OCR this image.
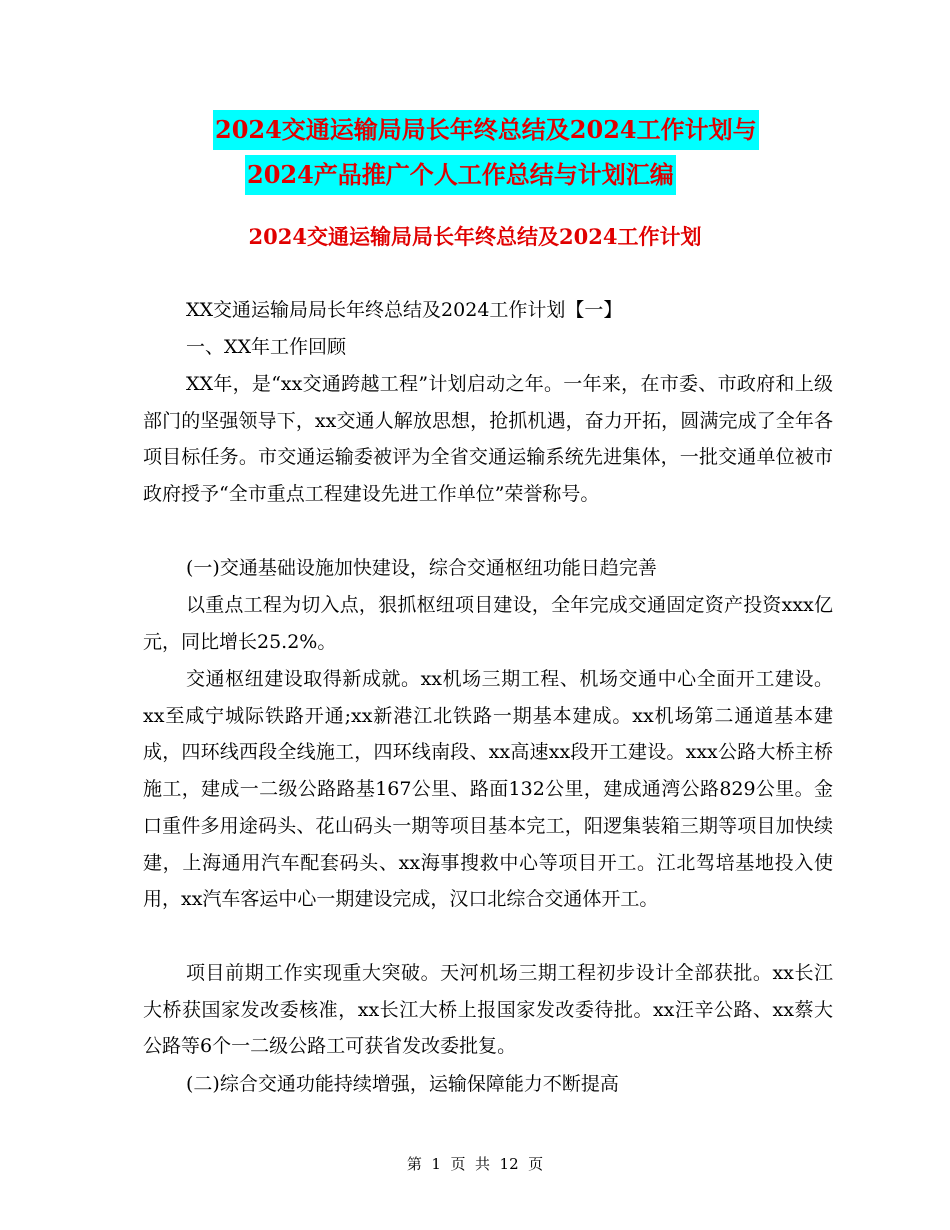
2024交通运输局局长年终总结及2024工作计划与
2024产品推广个人工作总结与计划汇编
2024交通运输局局长年终总结及2024工作计划

XX交通运输局局长年终总结及2024工作计划【一】

一、XX年工作回顾

XX年，是“xx交通跨越工程”计划启动之年。一年来，在市委、市政府和上级部门的坚强领导下，xx交通人解放思想，抢抓机遇，奋力开拓，圆满完成了全年各项目标任务。市交通运输委被评为全省交通运输系统先进集体，一批交通单位被市政府授予“全市重点工程建设先进工作单位”荣誉称号。

(一)交通基础设施加快建设，综合交通枢纽功能日趋完善

以重点工程为切入点，狠抓枢纽项目建设，全年完成交通固定资产投资xxx亿元，同比增长25.2%。

交通枢纽建设取得新成就。xx机场三期工程、机场交通中心全面开工建设。xx至咸宁城际铁路开通;xx新港江北铁路一期基本建成。xx机场第二通道基本建成，四环线西段全线施工，四环线南段、xx高速xx段开工建设。xxx公路大桥主桥施工，建成一二级公路路基167公里、路面132公里，建成通湾公路829公里。金口重件多用途码头、花山码头一期等项目基本完工，阳逻集装箱三期等项目加快续建，上海通用汽车配套码头、xx海事搜救中心等项目开工。江北驾培基地投入使用，xx汽车客运中心一期建设完成，汉口北综合交通体开工。

项目前期工作实现重大突破。天河机场三期工程初步设计全部获批。xx长江大桥获国家发改委核准，xx长江大桥上报国家发改委待批。xx汪辛公路、xx蔡大公路等6个一二级公路工可获省发改委批复。

(二)综合交通功能持续增强，运输保障能力不断提高

第  1  页  共  12  页
